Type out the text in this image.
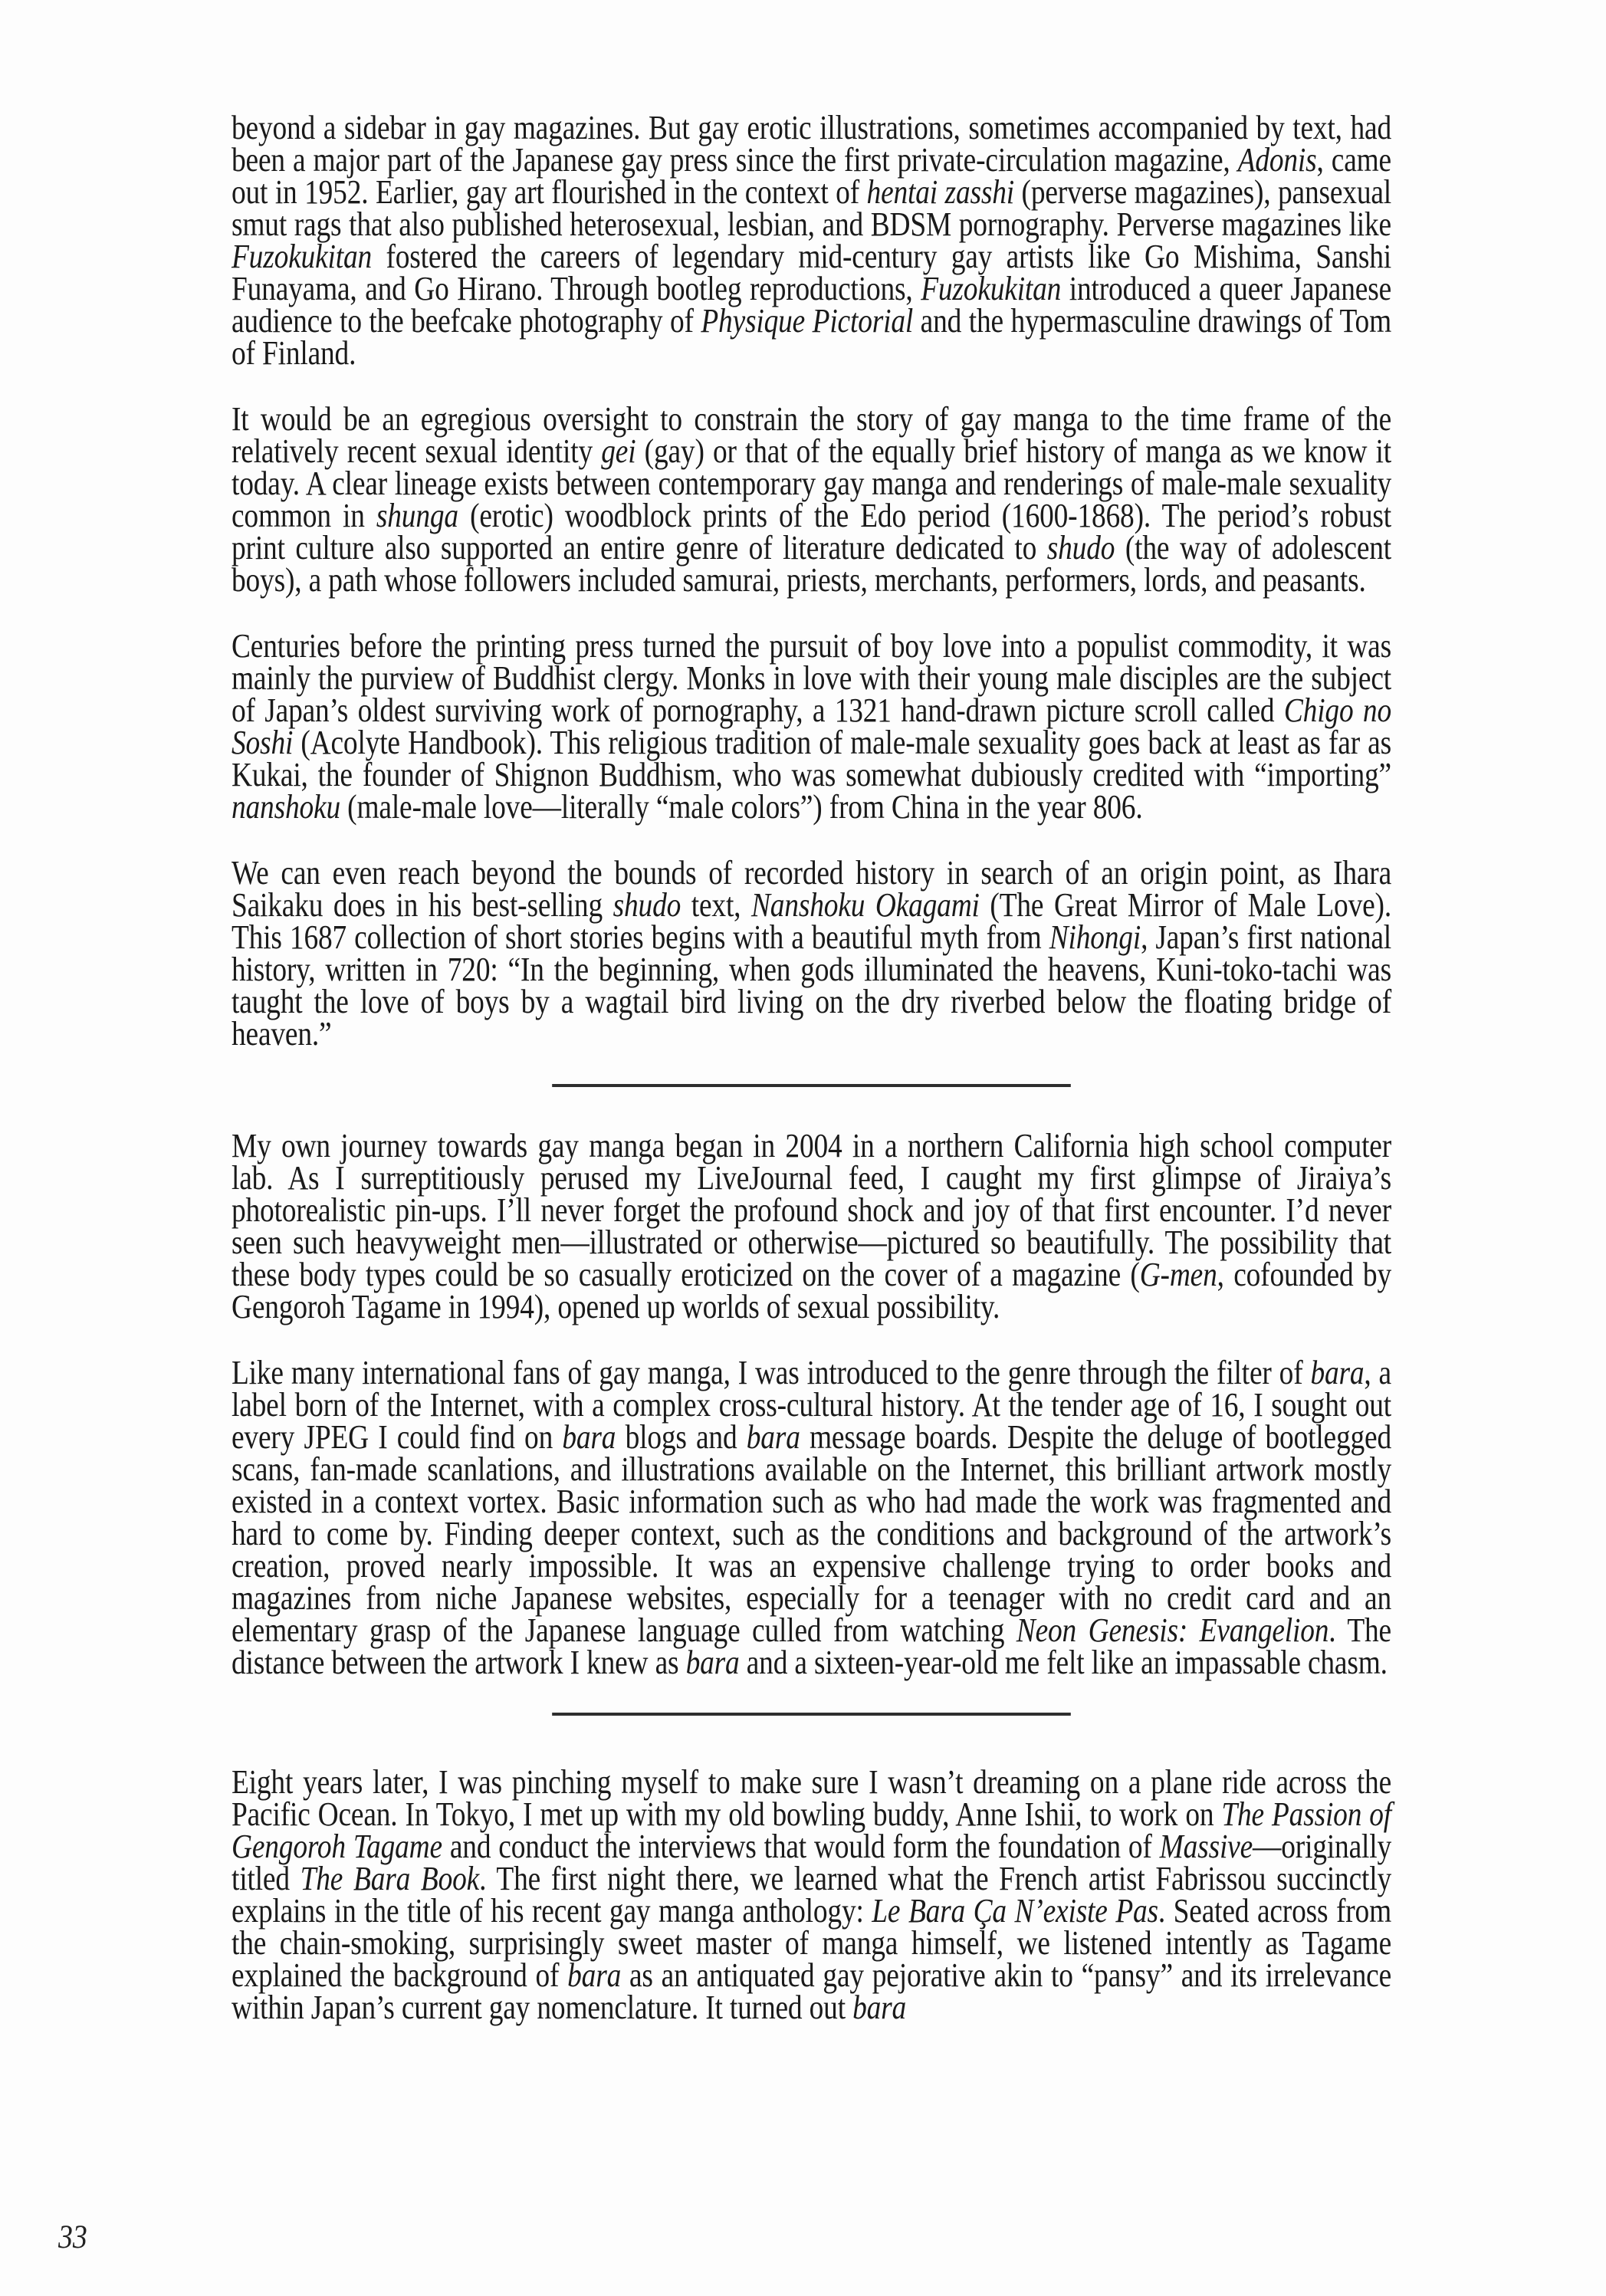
beyond a sidebar in gay magazines. But gay erotic illustrations, sometimes accompanied by text, had been a major part of the Japanese gay press since the first private-circulation magazine, Adonis, came out in 1952. Earlier, gay art flourished in the context of hentai zasshi (perverse magazines), pansexual smut rags that also published heterosexual, lesbian, and BDSM pornography. Perverse magazines like Fuzokukitan fostered the careers of legendary mid-century gay artists like Go Mishima, Sanshi Funayama, and Go Hirano. Through bootleg reproductions, Fuzokukitan introduced a queer Japanese audience to the beefcake photography of Physique Pictorial and the hypermasculine drawings of Tom of Finland.

It would be an egregious oversight to constrain the story of gay manga to the time frame of the relatively recent sexual identity gei (gay) or that of the equally brief history of manga as we know it today. A clear lineage exists between contemporary gay manga and renderings of male-male sexuality common in shunga (erotic) woodblock prints of the Edo period (1600-1868). The period’s robust print culture also supported an entire genre of literature dedicated to shudo (the way of adolescent boys), a path whose followers included samurai, priests, merchants, performers, lords, and peasants.

Centuries before the printing press turned the pursuit of boy love into a populist commodity, it was mainly the purview of Buddhist clergy. Monks in love with their young male disciples are the subject of Japan’s oldest surviving work of pornography, a 1321 hand-drawn picture scroll called Chigo no Soshi (Acolyte Handbook). This religious tradition of male-male sexuality goes back at least as far as Kukai, the founder of Shignon Buddhism, who was somewhat dubiously credited with “importing” nanshoku (male-male love—literally “male colors”) from China in the year 806.

We can even reach beyond the bounds of recorded history in search of an origin point, as Ihara Saikaku does in his best-selling shudo text, Nanshoku Okagami (The Great Mirror of Male Love). This 1687 collection of short stories begins with a beautiful myth from Nihongi, Japan’s first national history, written in 720: “In the beginning, when gods illuminated the heavens, Kuni-toko-tachi was taught the love of boys by a wagtail bird living on the dry riverbed below the floating bridge of heaven.”

My own journey towards gay manga began in 2004 in a northern California high school computer lab. As I surreptitiously perused my LiveJournal feed, I caught my first glimpse of Jiraiya’s photorealistic pin-ups. I’ll never forget the profound shock and joy of that first encounter. I’d never seen such heavyweight men—illustrated or otherwise—pictured so beautifully. The possibility that these body types could be so casually eroticized on the cover of a magazine (G-men, cofounded by Gengoroh Tagame in 1994), opened up worlds of sexual possibility.

Like many international fans of gay manga, I was introduced to the genre through the filter of bara, a label born of the Internet, with a complex cross-cultural history. At the tender age of 16, I sought out every JPEG I could find on bara blogs and bara message boards. Despite the deluge of bootlegged scans, fan-made scanlations, and illustrations available on the Internet, this brilliant artwork mostly existed in a context vortex. Basic information such as who had made the work was fragmented and hard to come by. Finding deeper context, such as the conditions and background of the artwork’s creation, proved nearly impossible. It was an expensive challenge trying to order books and magazines from niche Japanese websites, especially for a teenager with no credit card and an elementary grasp of the Japanese language culled from watching Neon Genesis: Evangelion. The distance between the artwork I knew as bara and a sixteen-year-old me felt like an impassable chasm.

Eight years later, I was pinching myself to make sure I wasn’t dreaming on a plane ride across the Pacific Ocean. In Tokyo, I met up with my old bowling buddy, Anne Ishii, to work on The Passion of Gengoroh Tagame and conduct the interviews that would form the foundation of Massive—originally titled The Bara Book. The first night there, we learned what the French artist Fabrissou succinctly explains in the title of his recent gay manga anthology: Le Bara Ça N’existe Pas. Seated across from the chain-smoking, surprisingly sweet master of manga himself, we listened intently as Tagame explained the background of bara as an antiquated gay pejorative akin to “pansy” and its irrelevance within Japan’s current gay nomenclature. It turned out bara

33
